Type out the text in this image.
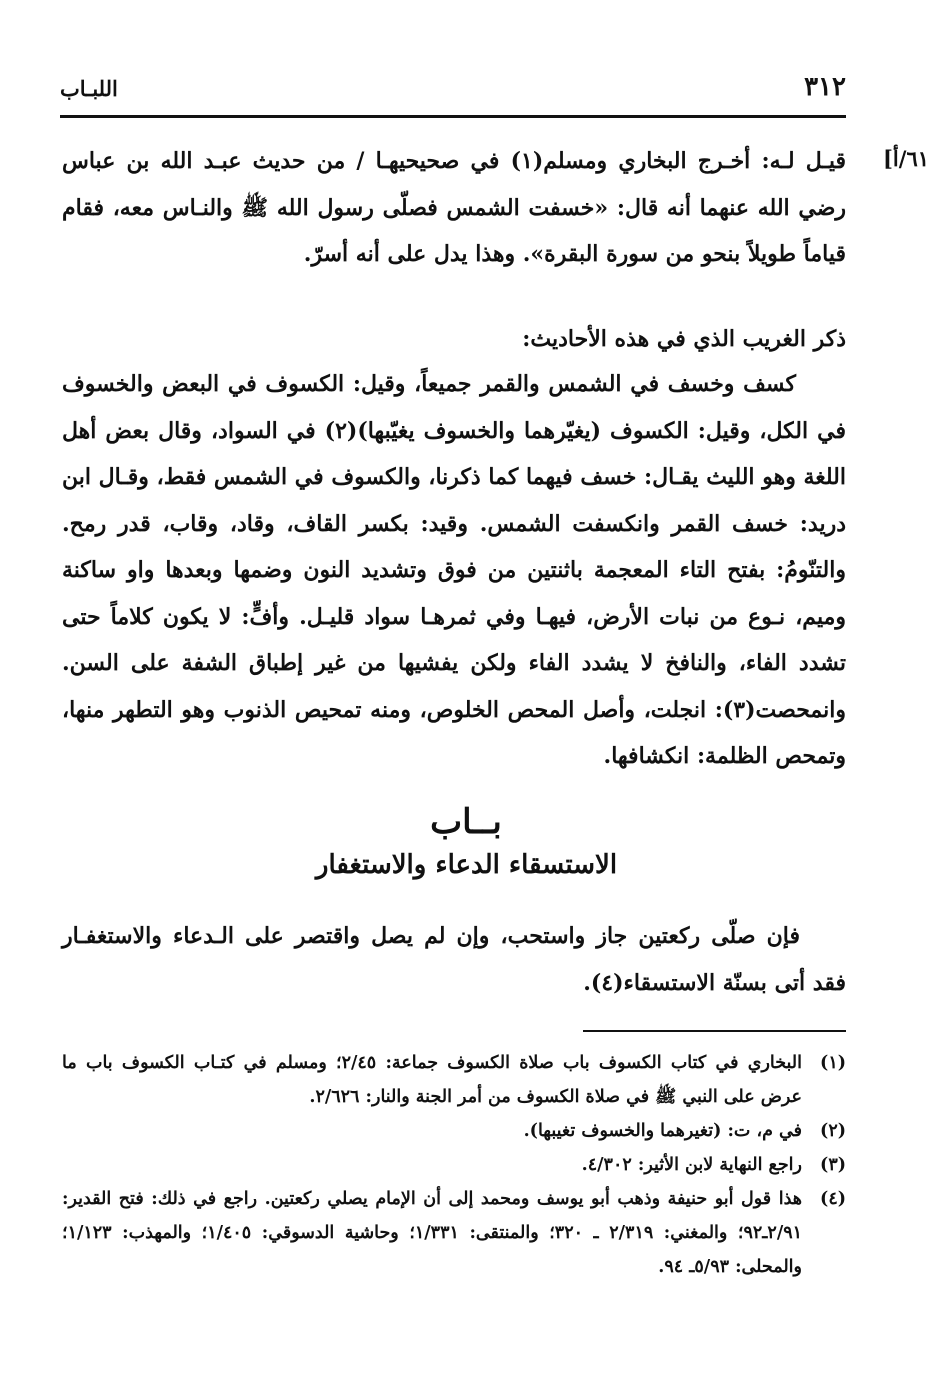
٣١٢
اللبـاب
٦١/أ]

قيـل لـه: أخـرج البخاري ومسلم(١) في صحيحيهـا / من حديث عبـد الله بن عباس رضي الله عنهما أنه قال: «خسفت الشمس فصلّى رسول الله ﷺ والنـاس معه، فقام قياماً طويلاً بنحو من سورة البقرة». وهذا يدل على أنه أسرّ.

ذكر الغريب الذي في هذه الأحاديث:

كسف وخسف في الشمس والقمر جميعاً، وقيل: الكسوف في البعض والخسوف في الكل، وقيل: الكسوف (يغيّرهما والخسوف يغيّبها)(٢) في السواد، وقال بعض أهل اللغة وهو الليث يقـال: خسف فيهما كما ذكرنا، والكسوف في الشمس فقط، وقـال ابن دريد: خسف القمر وانكسفت الشمس. وقيد: بكسر القاف، وقاد، وقاب، قدر رمح. والتنّومُ: بفتح التاء المعجمة باثنتين من فوق وتشديد النون وضمها وبعدها واو ساكنة وميم، نـوع من نبات الأرض، فيهـا وفي ثمرهـا سواد قليـل. وأفٍّ: لا يكون كلاماً حتى تشدد الفاء، والنافخ لا يشدد الفاء ولكن يفشيها من غير إطباق الشفة على السن. وانمحصت(٣): انجلت، وأصل المحص الخلوص، ومنه تمحيص الذنوب وهو التطهر منها، وتمحص الظلمة: انكشافها.

بــاب
الاستسقاء الدعاء والاستغفار

فإن صلّى ركعتين جاز واستحب، وإن لم يصل واقتصر على الـدعاء والاستغفـار فقد أتى بسنّة الاستسقاء(٤).

(١)
البخاري في كتاب الكسوف باب صلاة الكسوف جماعة: ٢/٤٥؛ ومسلم في كتـاب الكسوف باب ما عرض على النبي ﷺ في صلاة الكسوف من أمر الجنة والنار: ٢/٦٢٦.
(٢)
في م، ت: (تغيرهما والخسوف تغيبها).
(٣)
راجع النهاية لابن الأثير: ٤/٣٠٢.
(٤)
هذا قول أبو حنيفة وذهب أبو يوسف ومحمد إلى أن الإمام يصلي ركعتين. راجع في ذلك: فتح القدير: ٢/٩١ـ٩٢؛ والمغني: ٢/٣١٩ ـ ٣٢٠؛ والمنتقى: ١/٣٣١؛ وحاشية الدسوقي: ١/٤٠٥؛ والمهذب: ١/١٢٣؛ والمحلى: ٥/٩٣ـ ٩٤.
